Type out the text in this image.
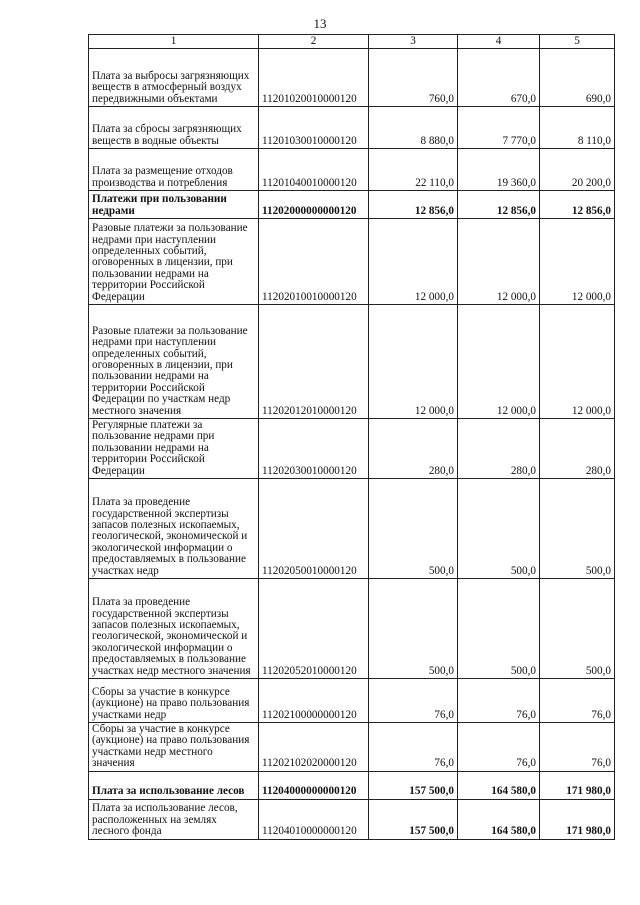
13
1	2	3	4	5
Плата за выбросы загрязняющих веществ в атмосферный воздух передвижными объектами	11201020010000120	760,0	670,0	690,0
Плата за сбросы загрязняющих веществ в водные объекты	11201030010000120	8 880,0	7 770,0	8 110,0
Плата за размещение отходов производства и потребления	11201040010000120	22 110,0	19 360,0	20 200,0
Платежи при пользовании недрами	11202000000000120	12 856,0	12 856,0	12 856,0
Разовые платежи за пользование недрами при наступлении определенных событий, оговоренных в лицензии, при пользовании недрами на территории Российской Федерации	11202010010000120	12 000,0	12 000,0	12 000,0
Разовые платежи за пользование недрами при наступлении определенных событий, оговоренных в лицензии, при пользовании недрами на территории Российской Федерации по участкам недр местного значения	11202012010000120	12 000,0	12 000,0	12 000,0
Регулярные платежи за пользование недрами при пользовании недрами на территории Российской Федерации	11202030010000120	280,0	280,0	280,0
Плата за проведение государственной экспертизы запасов полезных ископаемых, геологической, экономической и экологической информации о предоставляемых в пользование участках недр	11202050010000120	500,0	500,0	500,0
Плата за проведение государственной экспертизы запасов полезных ископаемых, геологической, экономической и экологической информации о предоставляемых в пользование участках недр местного значения	11202052010000120	500,0	500,0	500,0
Сборы за участие в конкурсе (аукционе) на право пользования участками недр	11202100000000120	76,0	76,0	76,0
Сборы за участие в конкурсе (аукционе) на право пользования участками недр местного значения	11202102020000120	76,0	76,0	76,0
Плата за использование лесов	11204000000000120	157 500,0	164 580,0	171 980,0
Плата за использование лесов, расположенных на землях лесного фонда	11204010000000120	157 500,0	164 580,0	171 980,0
